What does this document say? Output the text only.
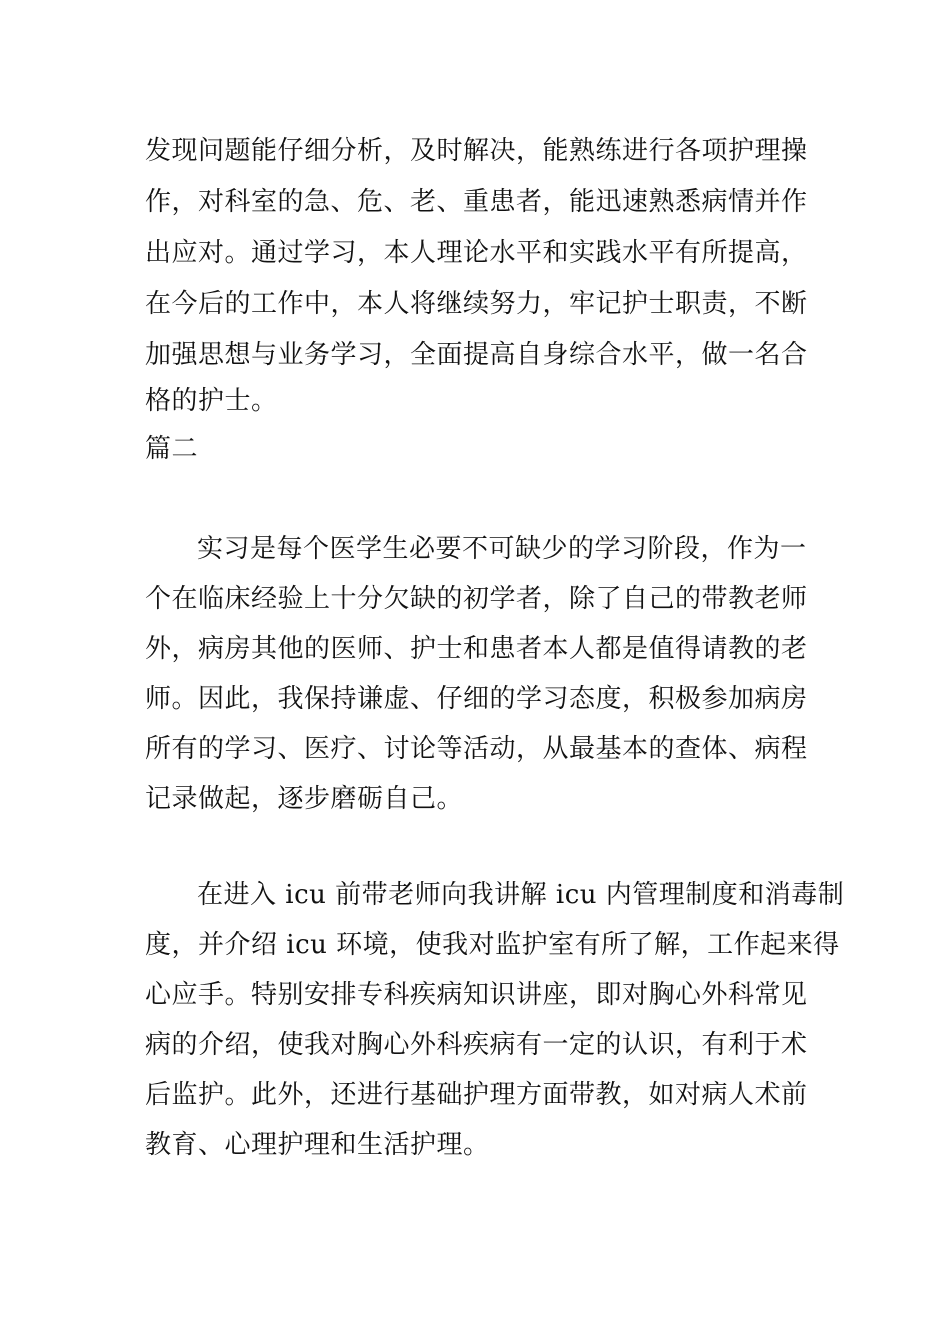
发现问题能仔细分析，及时解决，能熟练进行各项护理操
作，对科室的急、危、老、重患者，能迅速熟悉病情并作
出应对。通过学习，本人理论水平和实践水平有所提高，
在今后的工作中，本人将继续努力，牢记护士职责，不断
加强思想与业务学习，全面提高自身综合水平，做一名合
格的护士。
篇二
实习是每个医学生必要不可缺少的学习阶段，作为一
个在临床经验上十分欠缺的初学者，除了自己的带教老师
外，病房其他的医师、护士和患者本人都是值得请教的老
师。因此，我保持谦虚、仔细的学习态度，积极参加病房
所有的学习、医疗、讨论等活动，从最基本的查体、病程
记录做起，逐步磨砺自己。
在进入 icu 前带老师向我讲解 icu 内管理制度和消毒制
度，并介绍 icu 环境，使我对监护室有所了解，工作起来得
心应手。特别安排专科疾病知识讲座，即对胸心外科常见
病的介绍，使我对胸心外科疾病有一定的认识，有利于术
后监护。此外，还进行基础护理方面带教，如对病人术前
教育、心理护理和生活护理。
